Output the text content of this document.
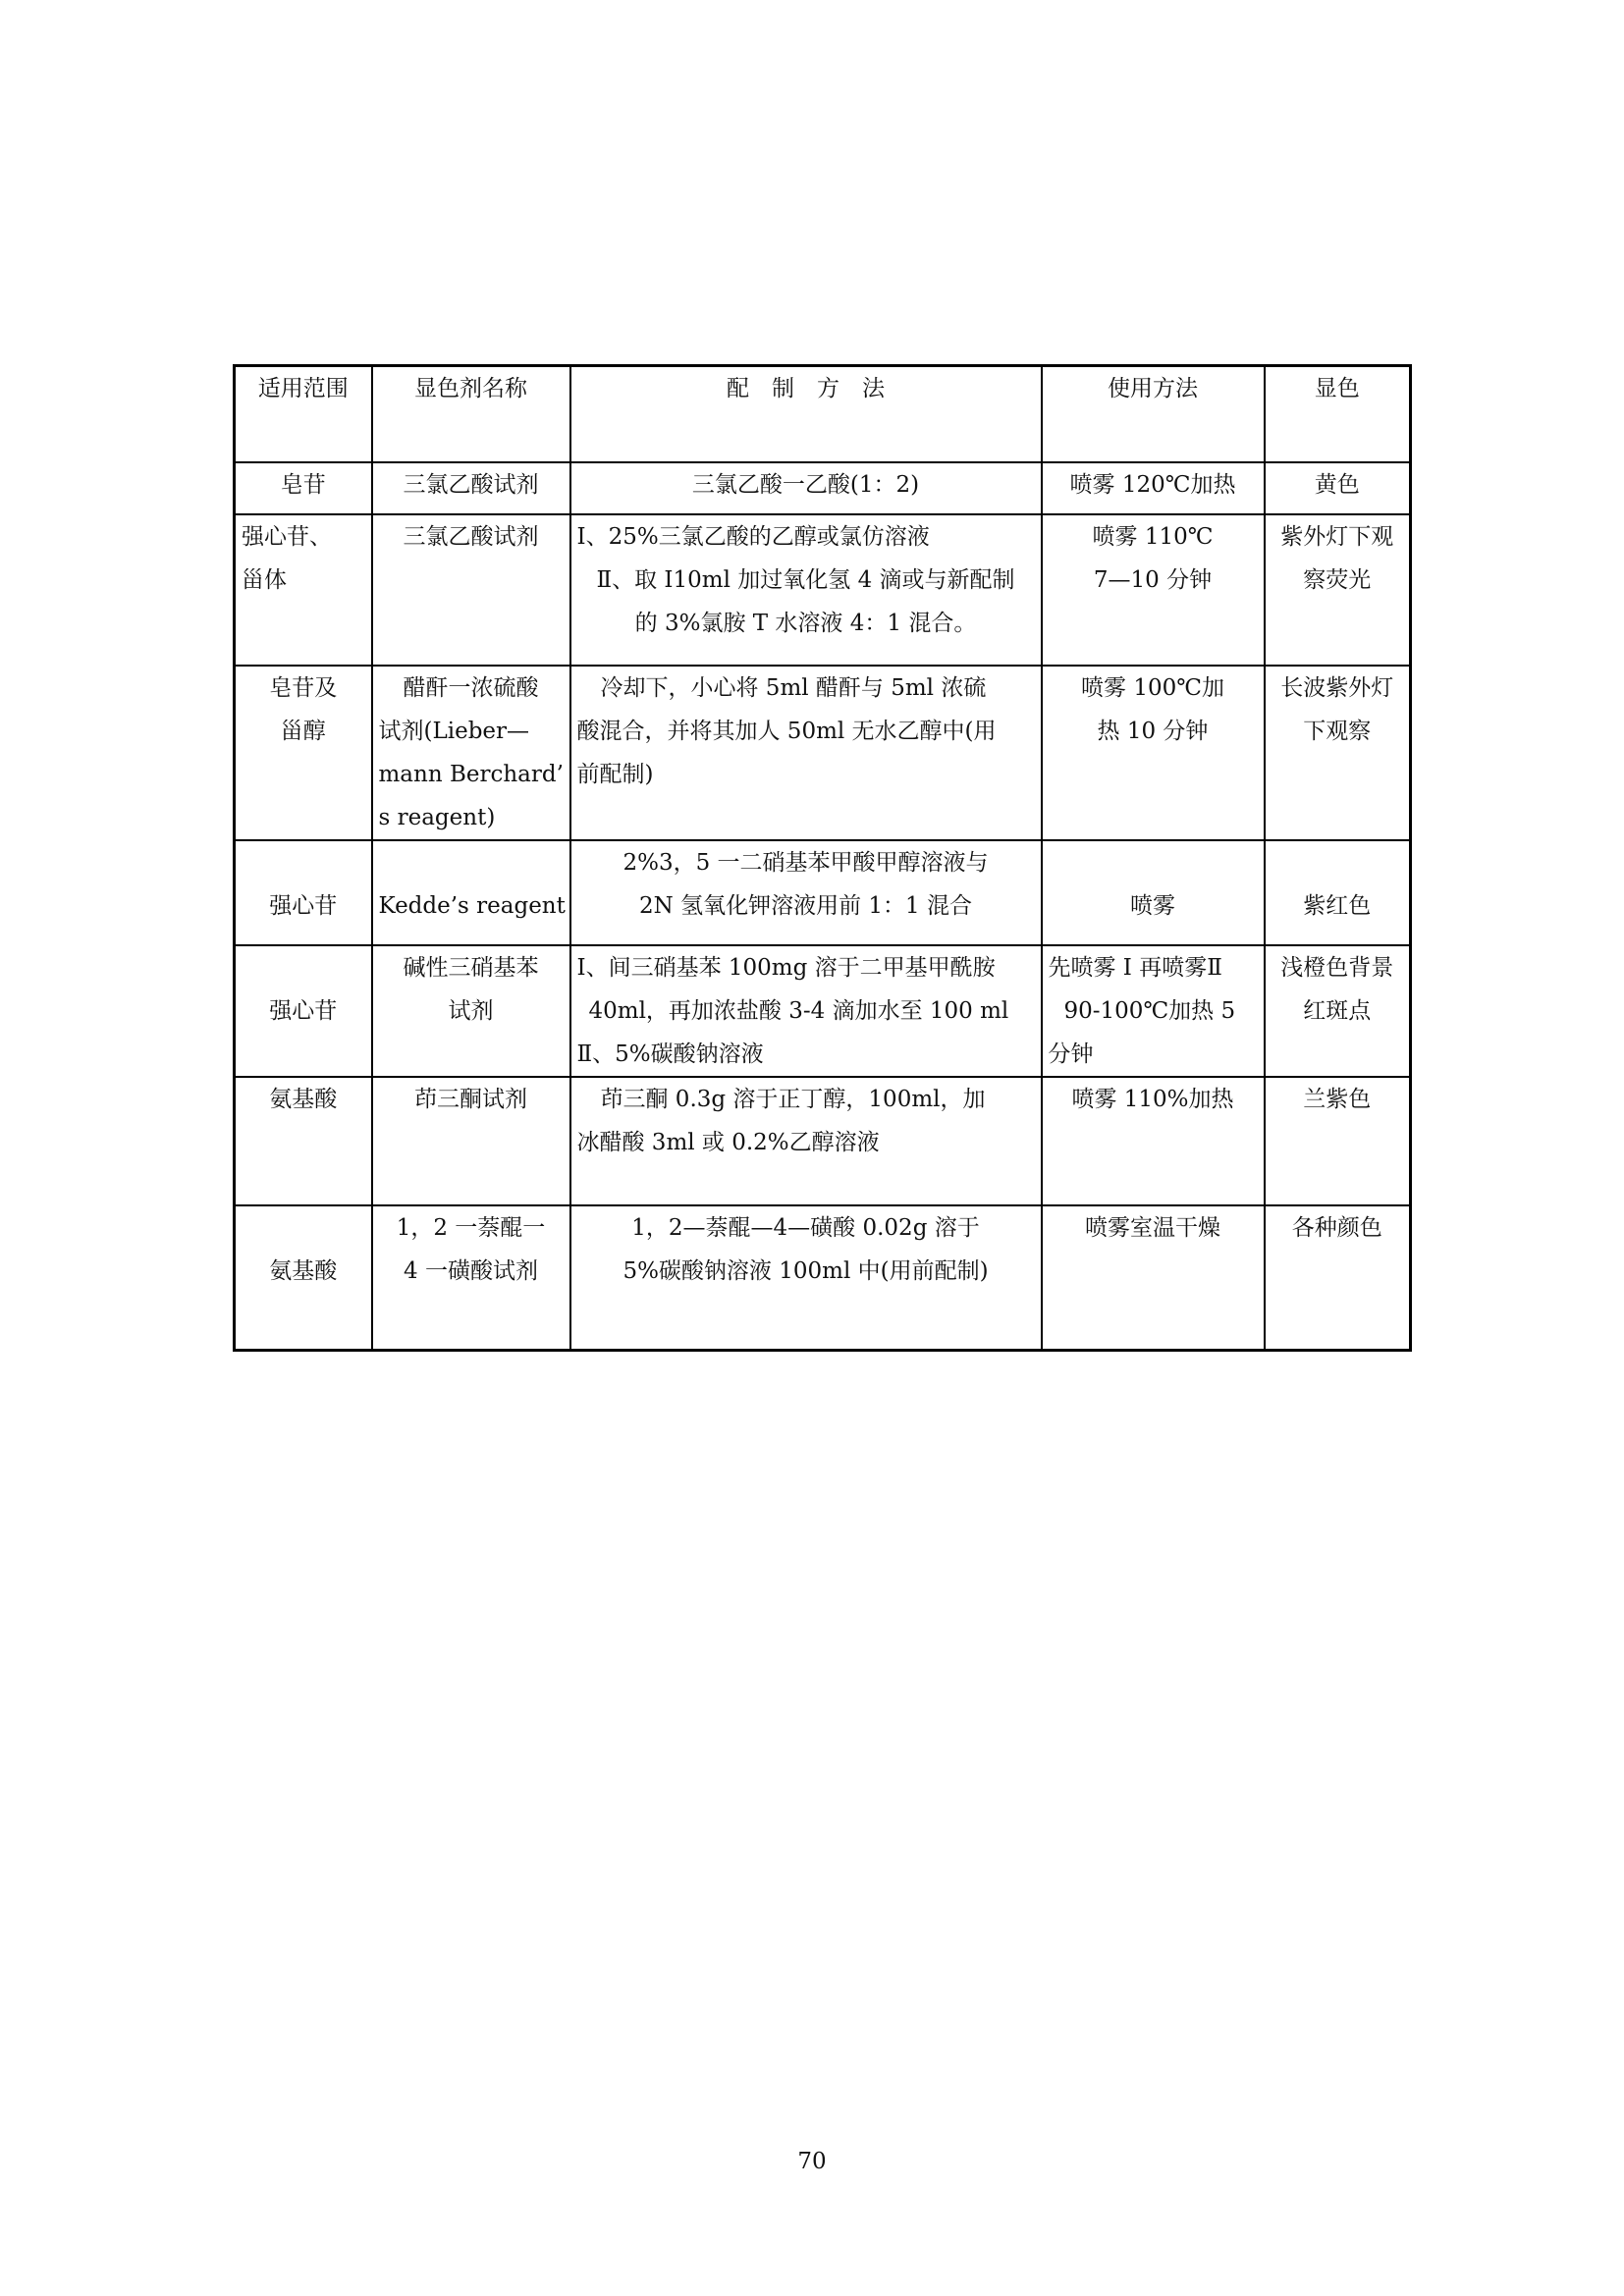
适用范围	显色剂名称	配　制　方　法	使用方法	显色

皂苷	三氯乙酸试剂	三氯乙酸一乙酸(1：2)	喷雾 120℃加热	黄色

强心苷、
甾体	三氯乙酸试剂	I、25%三氯乙酸的乙醇或氯仿溶液
Ⅱ、取 I10ml 加过氧化氢 4 滴或与新配制
的 3%氯胺 T 水溶液 4：1 混合。	喷雾 110℃
7—10 分钟	紫外灯下观
察荧光

皂苷及
甾醇	醋酐一浓硫酸
试剂(Lieber—
mann Berchard’
s reagent)	冷却下，小心将 5ml 醋酐与 5ml 浓硫
酸混合，并将其加人 50ml 无水乙醇中(用
前配制)	喷雾 100℃加
热 10 分钟	长波紫外灯
下观察

强心苷	Kedde’s reagent	2%3，5 一二硝基苯甲酸甲醇溶液与
2N 氢氧化钾溶液用前 1：1 混合	喷雾	紫红色

强心苷	碱性三硝基苯
试剂	I、间三硝基苯 100mg 溶于二甲基甲酰胺
40ml，再加浓盐酸 3-4 滴加水至 100 ml
Ⅱ、5%碳酸钠溶液	先喷雾 I 再喷雾Ⅱ
90-100℃加热 5
分钟	浅橙色背景
红斑点

氨基酸	茚三酮试剂	茚三酮 0.3g 溶于正丁醇，100ml，加
冰醋酸 3ml 或 0.2%乙醇溶液	喷雾 110%加热	兰紫色

氨基酸	1，2 一萘醌一
4 一磺酸试剂	1，2—萘醌—4—磺酸 0.02g 溶于
5%碳酸钠溶液 100ml 中(用前配制)	喷雾室温干燥	各种颜色
70
